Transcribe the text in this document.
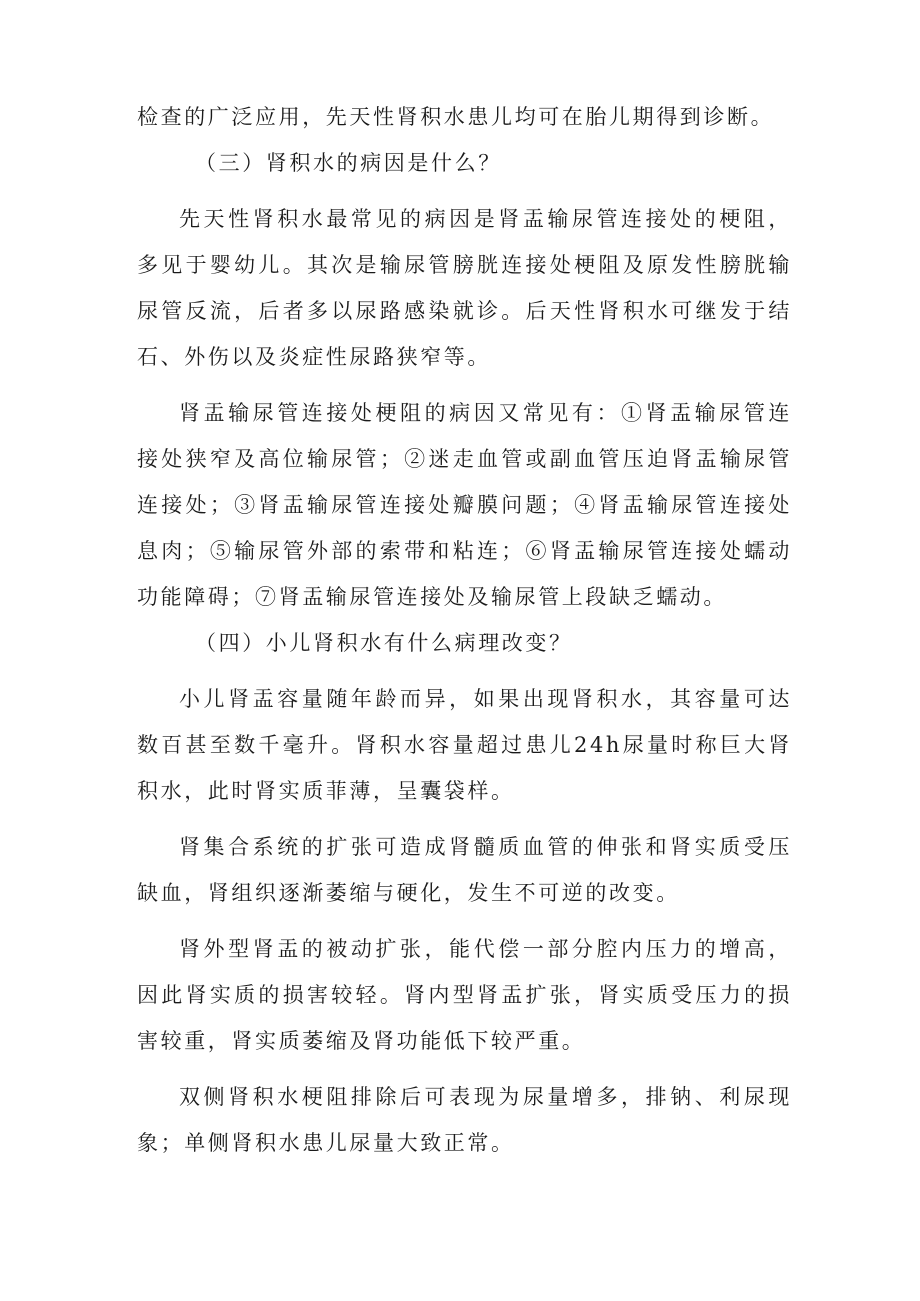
检查的广泛应用，先天性肾积水患儿均可在胎儿期得到诊断。

（三）肾积水的病因是什么？

先天性肾积水最常见的病因是肾盂输尿管连接处的梗阻，多见于婴幼儿。其次是输尿管膀胱连接处梗阻及原发性膀胱输尿管反流，后者多以尿路感染就诊。后天性肾积水可继发于结石、外伤以及炎症性尿路狭窄等。

肾盂输尿管连接处梗阻的病因又常见有：①肾盂输尿管连接处狭窄及高位输尿管；②迷走血管或副血管压迫肾盂输尿管连接处；③肾盂输尿管连接处瓣膜问题；④肾盂输尿管连接处息肉；⑤输尿管外部的索带和粘连；⑥肾盂输尿管连接处蠕动功能障碍；⑦肾盂输尿管连接处及输尿管上段缺乏蠕动。

（四）小儿肾积水有什么病理改变？

小儿肾盂容量随年龄而异，如果出现肾积水，其容量可达数百甚至数千毫升。肾积水容量超过患儿24h尿量时称巨大肾积水，此时肾实质菲薄，呈囊袋样。

肾集合系统的扩张可造成肾髓质血管的伸张和肾实质受压缺血，肾组织逐渐萎缩与硬化，发生不可逆的改变。

肾外型肾盂的被动扩张，能代偿一部分腔内压力的增高，因此肾实质的损害较轻。肾内型肾盂扩张，肾实质受压力的损害较重，肾实质萎缩及肾功能低下较严重。

双侧肾积水梗阻排除后可表现为尿量增多，排钠、利尿现象；单侧肾积水患儿尿量大致正常。
